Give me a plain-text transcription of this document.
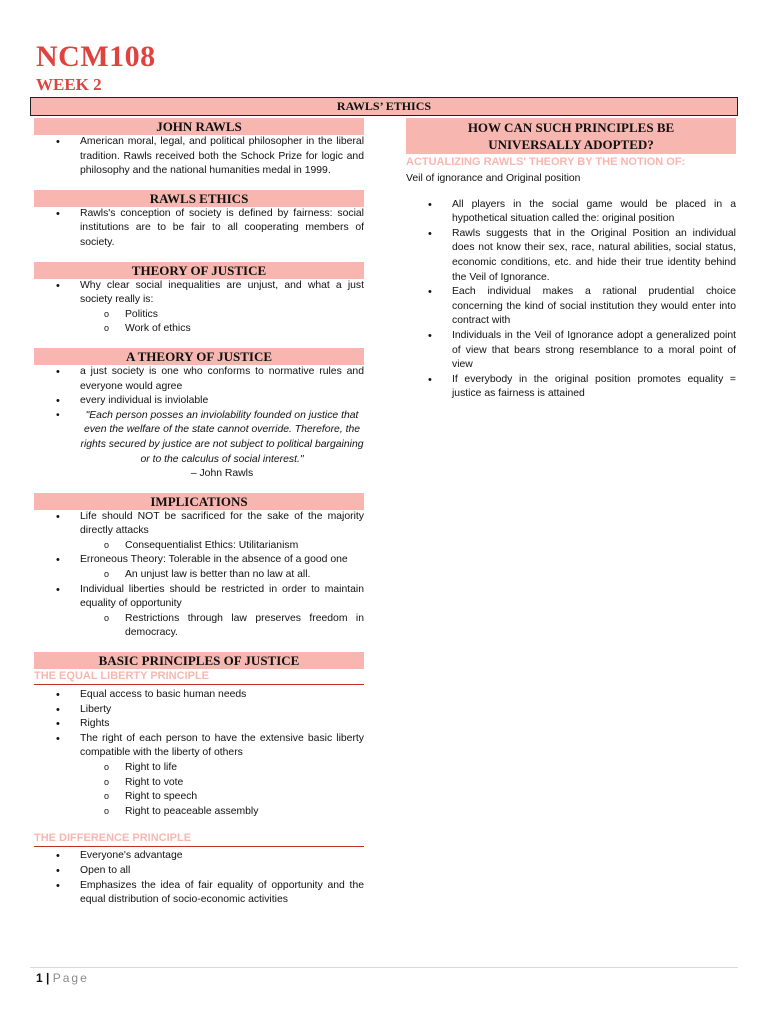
NCM108
WEEK 2
RAWLS’ ETHICS
JOHN RAWLS
• American moral, legal, and political philosopher in the liberal tradition. Rawls received both the Schock Prize for logic and philosophy and the national humanities medal in 1999.
RAWLS ETHICS
• Rawls's conception of society is defined by fairness: social institutions are to be fair to all cooperating members of society.
THEORY OF JUSTICE
• Why clear social inequalities are unjust, and what a just society really is:
o Politics
o Work of ethics
A THEORY OF JUSTICE
• a just society is one who conforms to normative rules and everyone would agree
• every individual is inviolable
• "Each person posses an inviolability founded on justice that even the welfare of the state cannot override. Therefore, the rights secured by justice are not subject to political bargaining or to the calculus of social interest."
– John Rawls
IMPLICATIONS
• Life should NOT be sacrificed for the sake of the majority directly attacks
o Consequentialist Ethics: Utilitarianism
• Erroneous Theory: Tolerable in the absence of a good one
o An unjust law is better than no law at all.
• Individual liberties should be restricted in order to maintain equality of opportunity
o Restrictions through law preserves freedom in democracy.
BASIC PRINCIPLES OF JUSTICE
THE EQUAL LIBERTY PRINCIPLE
• Equal access to basic human needs
• Liberty
• Rights
• The right of each person to have the extensive basic liberty compatible with the liberty of others
o Right to life
o Right to vote
o Right to speech
o Right to peaceable assembly
THE DIFFERENCE PRINCIPLE
• Everyone's advantage
• Open to all
• Emphasizes the idea of fair equality of opportunity and the equal distribution of socio-economic activities
HOW CAN SUCH PRINCIPLES BE UNIVERSALLY ADOPTED?
ACTUALIZING RAWLS' THEORY BY THE NOTION OF:

Veil of ignorance and Original position

• All players in the social game would be placed in a hypothetical situation called the: original position
• Rawls suggests that in the Original Position an individual does not know their sex, race, natural abilities, social status, economic conditions, etc. and hide their true identity behind the Veil of Ignorance.
• Each individual makes a rational prudential choice concerning the kind of social institution they would enter into contract with
• Individuals in the Veil of Ignorance adopt a generalized point of view that bears strong resemblance to a moral point of view
• If everybody in the original position promotes equality = justice as fairness is attained
1 | Page
